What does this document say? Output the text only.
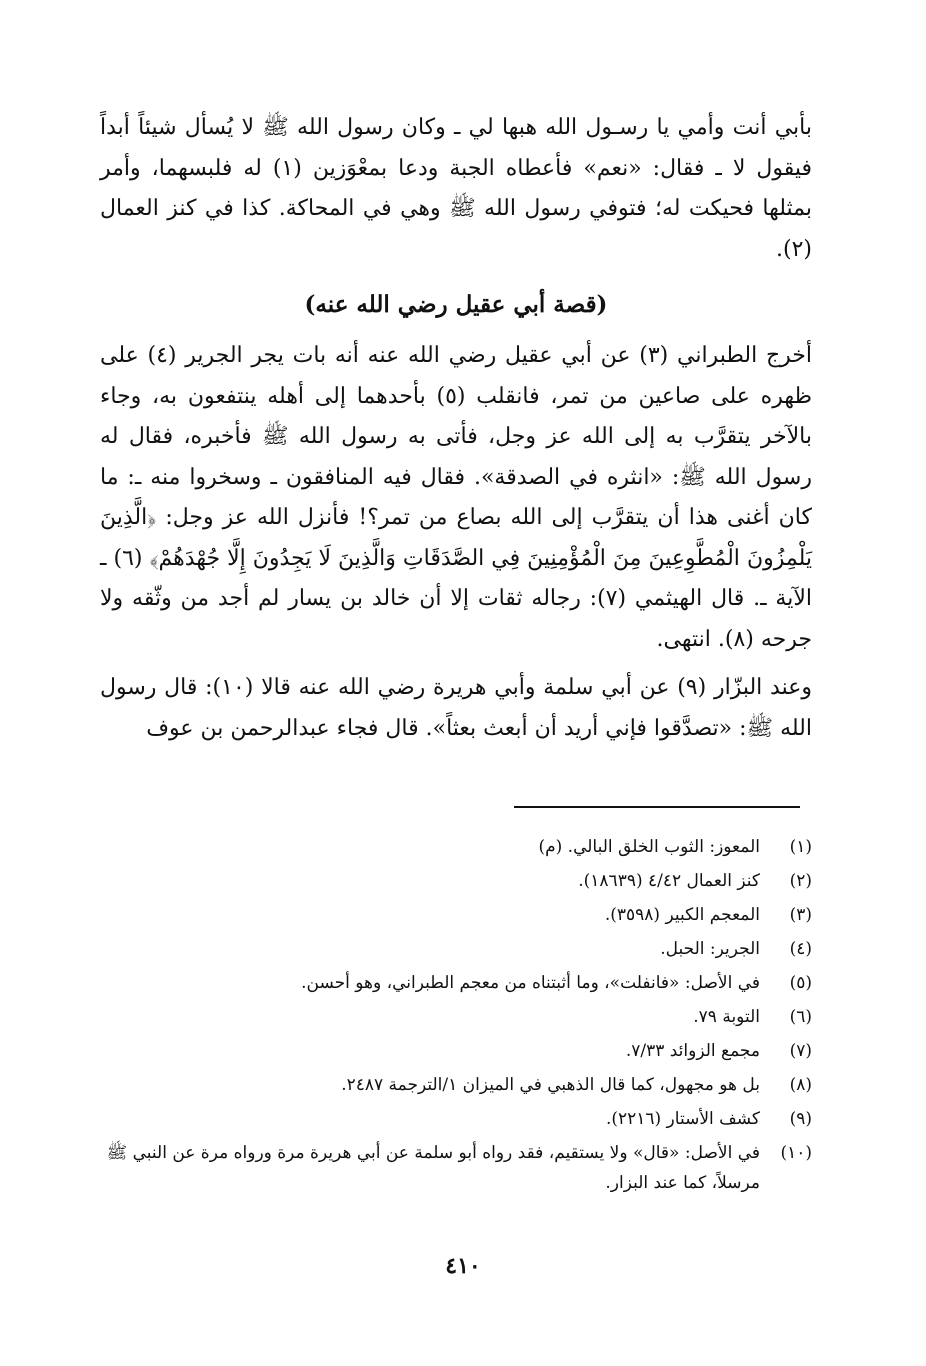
بأبي أنت وأمي يا رسـول الله هبها لي ـ وكان رسول الله ﷺ لا يُسأل شيئاً أبداً فيقول لا ـ فقال: «نعم» فأعطاه الجبة ودعا بمعْوَزين (١) له فلبسهما، وأمر بمثلها فحيكت له؛ فتوفي رسول الله ﷺ وهي في المحاكة. كذا في كنز العمال (٢).

(قصة أبي عقيل رضي الله عنه)

أخرج الطبراني (٣) عن أبي عقيل رضي الله عنه أنه بات يجر الجرير (٤) على ظهره على صاعين من تمر، فانقلب (٥) بأحدهما إلى أهله ينتفعون به، وجاء بالآخر يتقرَّب به إلى الله عز وجل، فأتى به رسول الله ﷺ فأخبره، فقال له رسول الله ﷺ: «انثره في الصدقة». فقال فيه المنافقون ـ وسخروا منه ـ: ما كان أغنى هذا أن يتقرَّب إلى الله بصاع من تمر؟! فأنزل الله عز وجل: ﴿الَّذِينَ يَلْمِزُونَ الْمُطَّوِعِينَ مِنَ الْمُؤْمِنِينَ فِي الصَّدَقَاتِ وَالَّذِينَ لَا يَجِدُونَ إِلَّا جُهْدَهُمْ﴾ (٦) ـ الآية ـ. قال الهيثمي (٧): رجاله ثقات إلا أن خالد بن يسار لم أجد من وثّقه ولا جرحه (٨). انتهى.

وعند البزّار (٩) عن أبي سلمة وأبي هريرة رضي الله عنه قالا (١٠): قال رسول الله ﷺ: «تصدَّقوا فإني أريد أن أبعث بعثاً». قال فجاء عبدالرحمن بن عوف

(١)
المعوز: الثوب الخلق البالي. (م)
(٢)
كنز العمال ٤/٤٢ (١٨٦٣٩).
(٣)
المعجم الكبير (٣٥٩٨).
(٤)
الجرير: الحبل.
(٥)
في الأصل: «فانفلت»، وما أثبتناه من معجم الطبراني، وهو أحسن.
(٦)
التوبة ٧٩.
(٧)
مجمع الزوائد ٧/٣٣.
(٨)
بل هو مجهول، كما قال الذهبي في الميزان ١/الترجمة ٢٤٨٧.
(٩)
كشف الأستار (٢٢١٦).
(١٠)
في الأصل: «قال» ولا يستقيم، فقد رواه أبو سلمة عن أبي هريرة مرة ورواه مرة عن النبي ﷺ مرسلاً، كما عند البزار.
٤١٠
